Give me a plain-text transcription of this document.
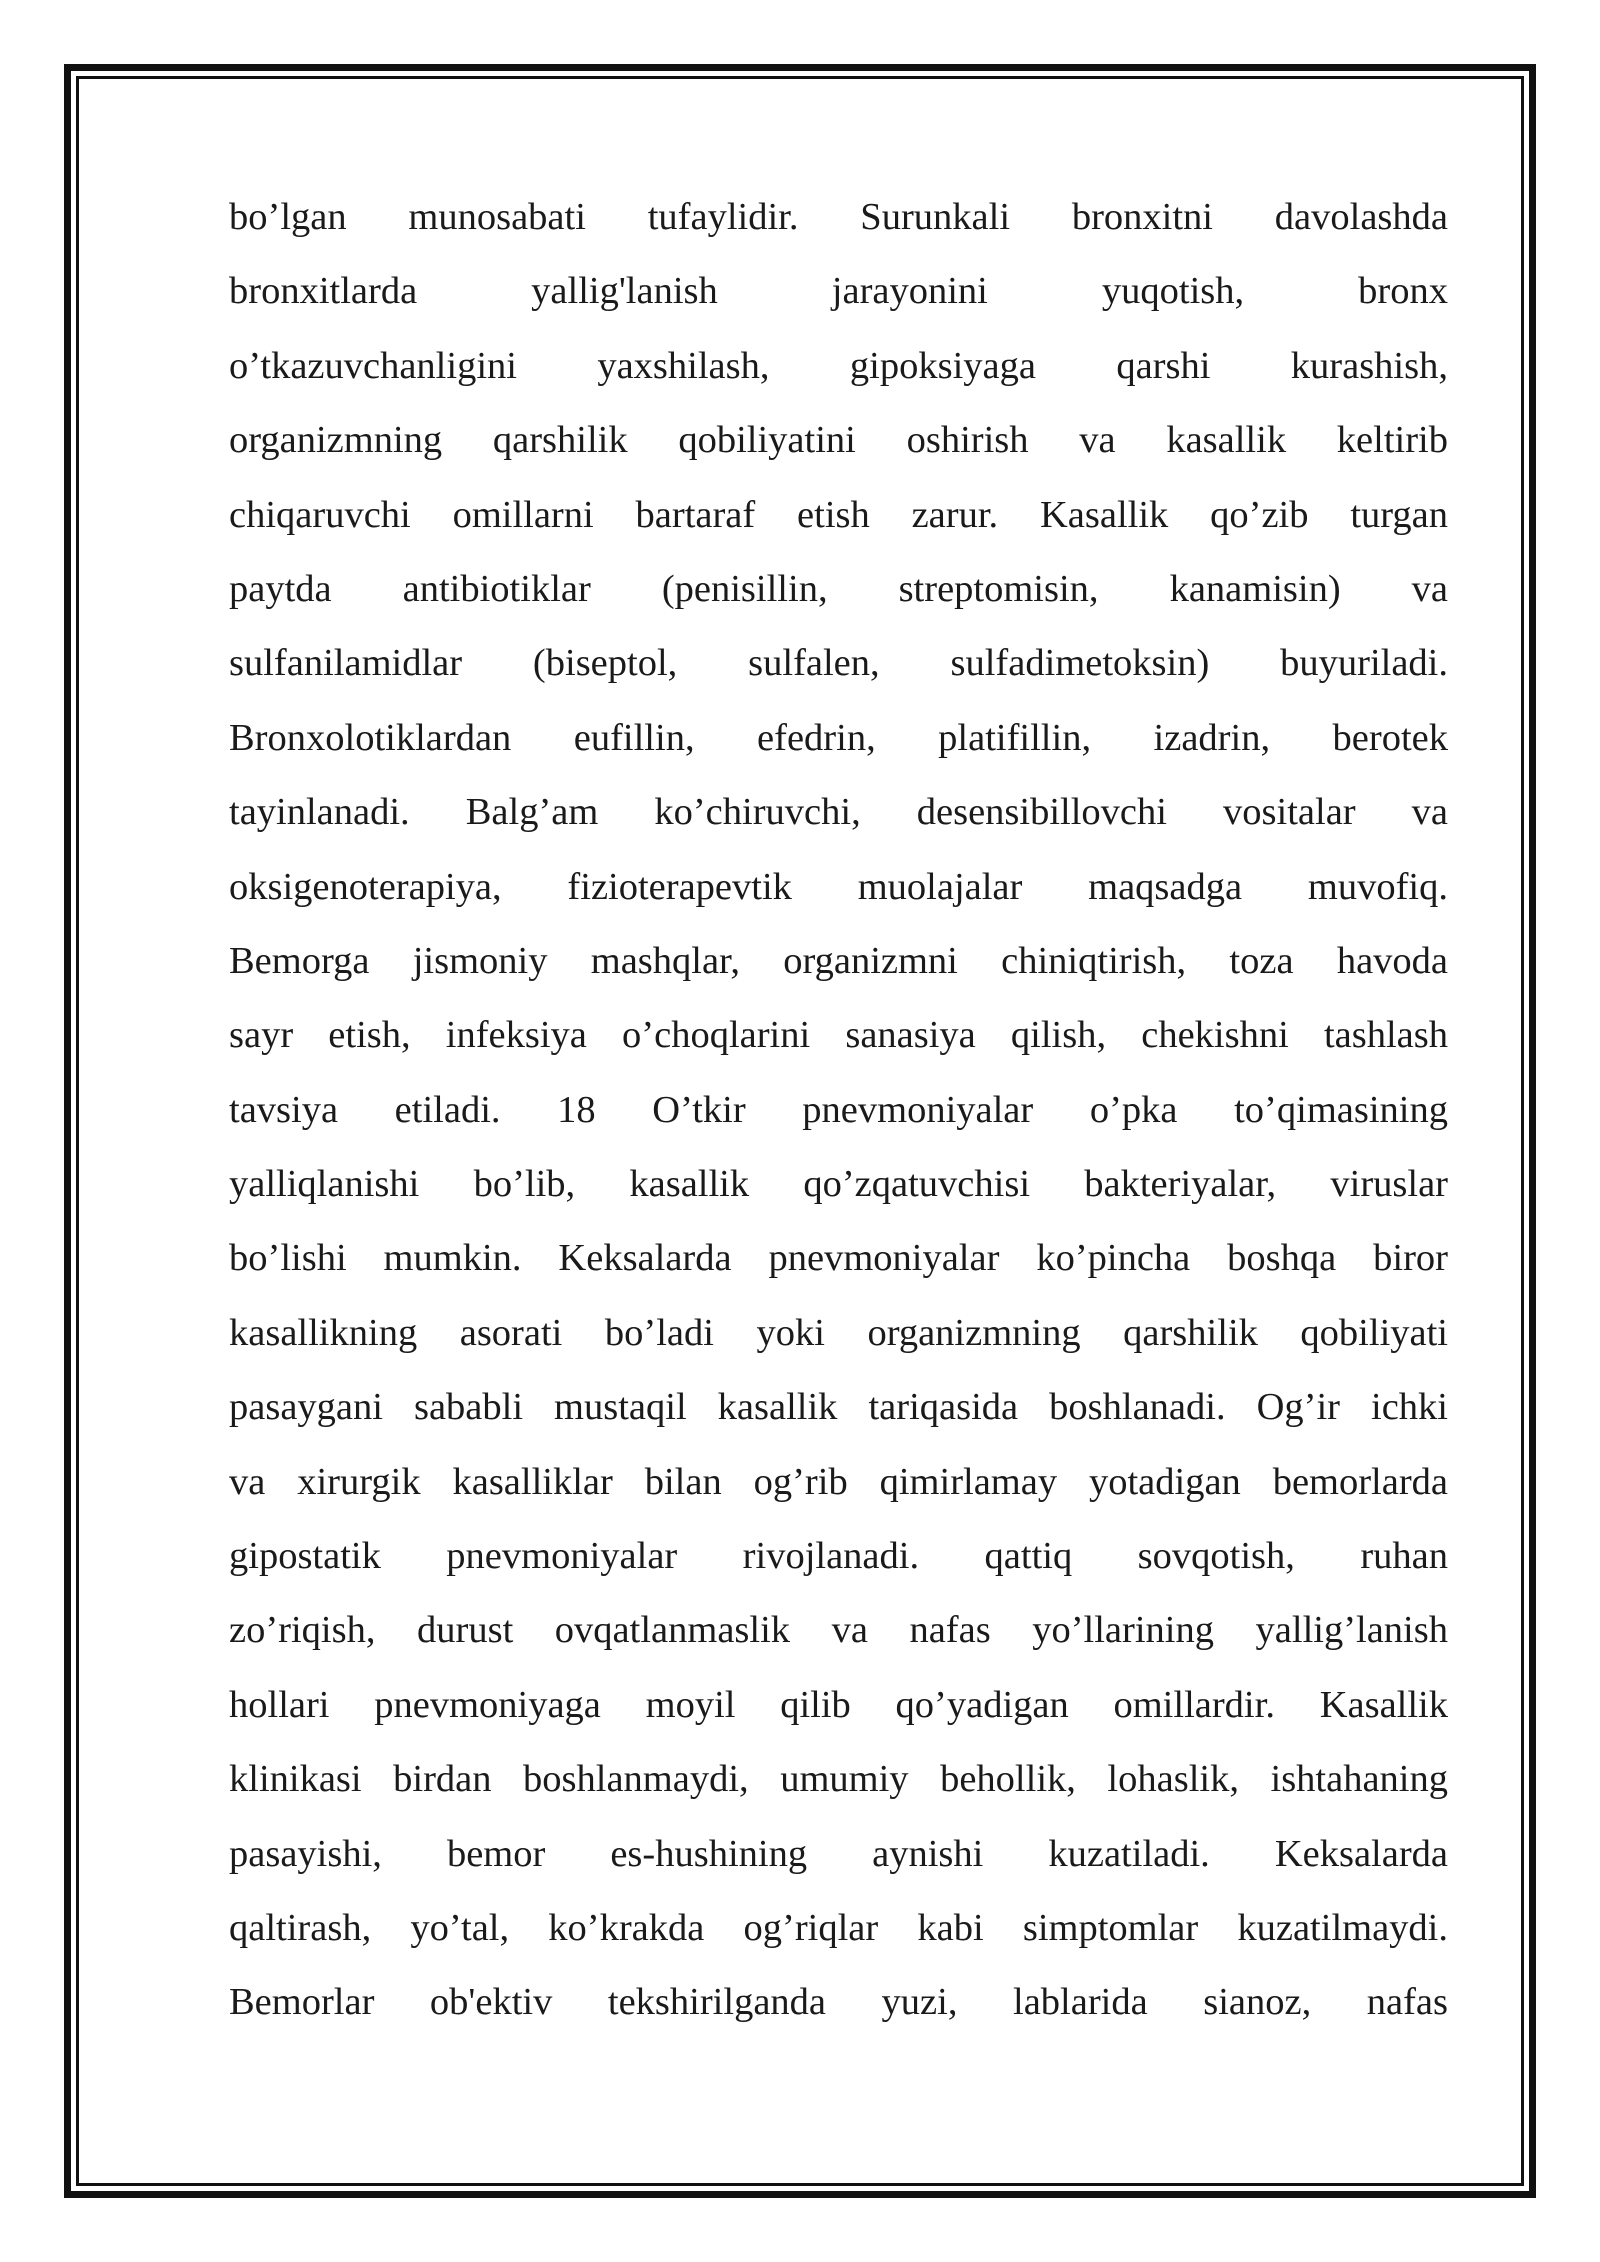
bo’lgan munosabati tufaylidir. Surunkali bronxitni davolashda
bronxitlarda yallig'lanish jarayonini yuqotish, bronx
o’tkazuvchanligini yaxshilash, gipoksiyaga qarshi kurashish,
organizmning qarshilik qobiliyatini oshirish va kasallik keltirib
chiqaruvchi omillarni bartaraf etish zarur. Kasallik qo’zib turgan
paytda antibiotiklar (penisillin, streptomisin, kanamisin) va
sulfanilamidlar (biseptol, sulfalen, sulfadimetoksin) buyuriladi.
Bronxolotiklardan eufillin, efedrin, platifillin, izadrin, berotek
tayinlanadi. Balg’am ko’chiruvchi, desensibillovchi vositalar va
oksigenoterapiya, fizioterapevtik muolajalar maqsadga muvofiq.
Bemorga jismoniy mashqlar, organizmni chiniqtirish, toza havoda
sayr etish, infeksiya o’choqlarini sanasiya qilish, chekishni tashlash
tavsiya etiladi. 18 O’tkir pnevmoniyalar o’pka to’qimasining
yalliqlanishi bo’lib, kasallik qo’zqatuvchisi bakteriyalar, viruslar
bo’lishi mumkin. Keksalarda pnevmoniyalar ko’pincha boshqa biror
kasallikning asorati bo’ladi yoki organizmning qarshilik qobiliyati
pasaygani sababli mustaqil kasallik tariqasida boshlanadi. Og’ir ichki
va xirurgik kasalliklar bilan og’rib qimirlamay yotadigan bemorlarda
gipostatik pnevmoniyalar rivojlanadi. qattiq sovqotish, ruhan
zo’riqish, durust ovqatlanmaslik va nafas yo’llarining yallig’lanish
hollari pnevmoniyaga moyil qilib qo’yadigan omillardir. Kasallik
klinikasi birdan boshlanmaydi, umumiy behollik, lohaslik, ishtahaning
pasayishi, bemor es-hushining aynishi kuzatiladi. Keksalarda
qaltirash, yo’tal, ko’krakda og’riqlar kabi simptomlar kuzatilmaydi.
Bemorlar ob'ektiv tekshirilganda yuzi, lablarida sianoz, nafas
